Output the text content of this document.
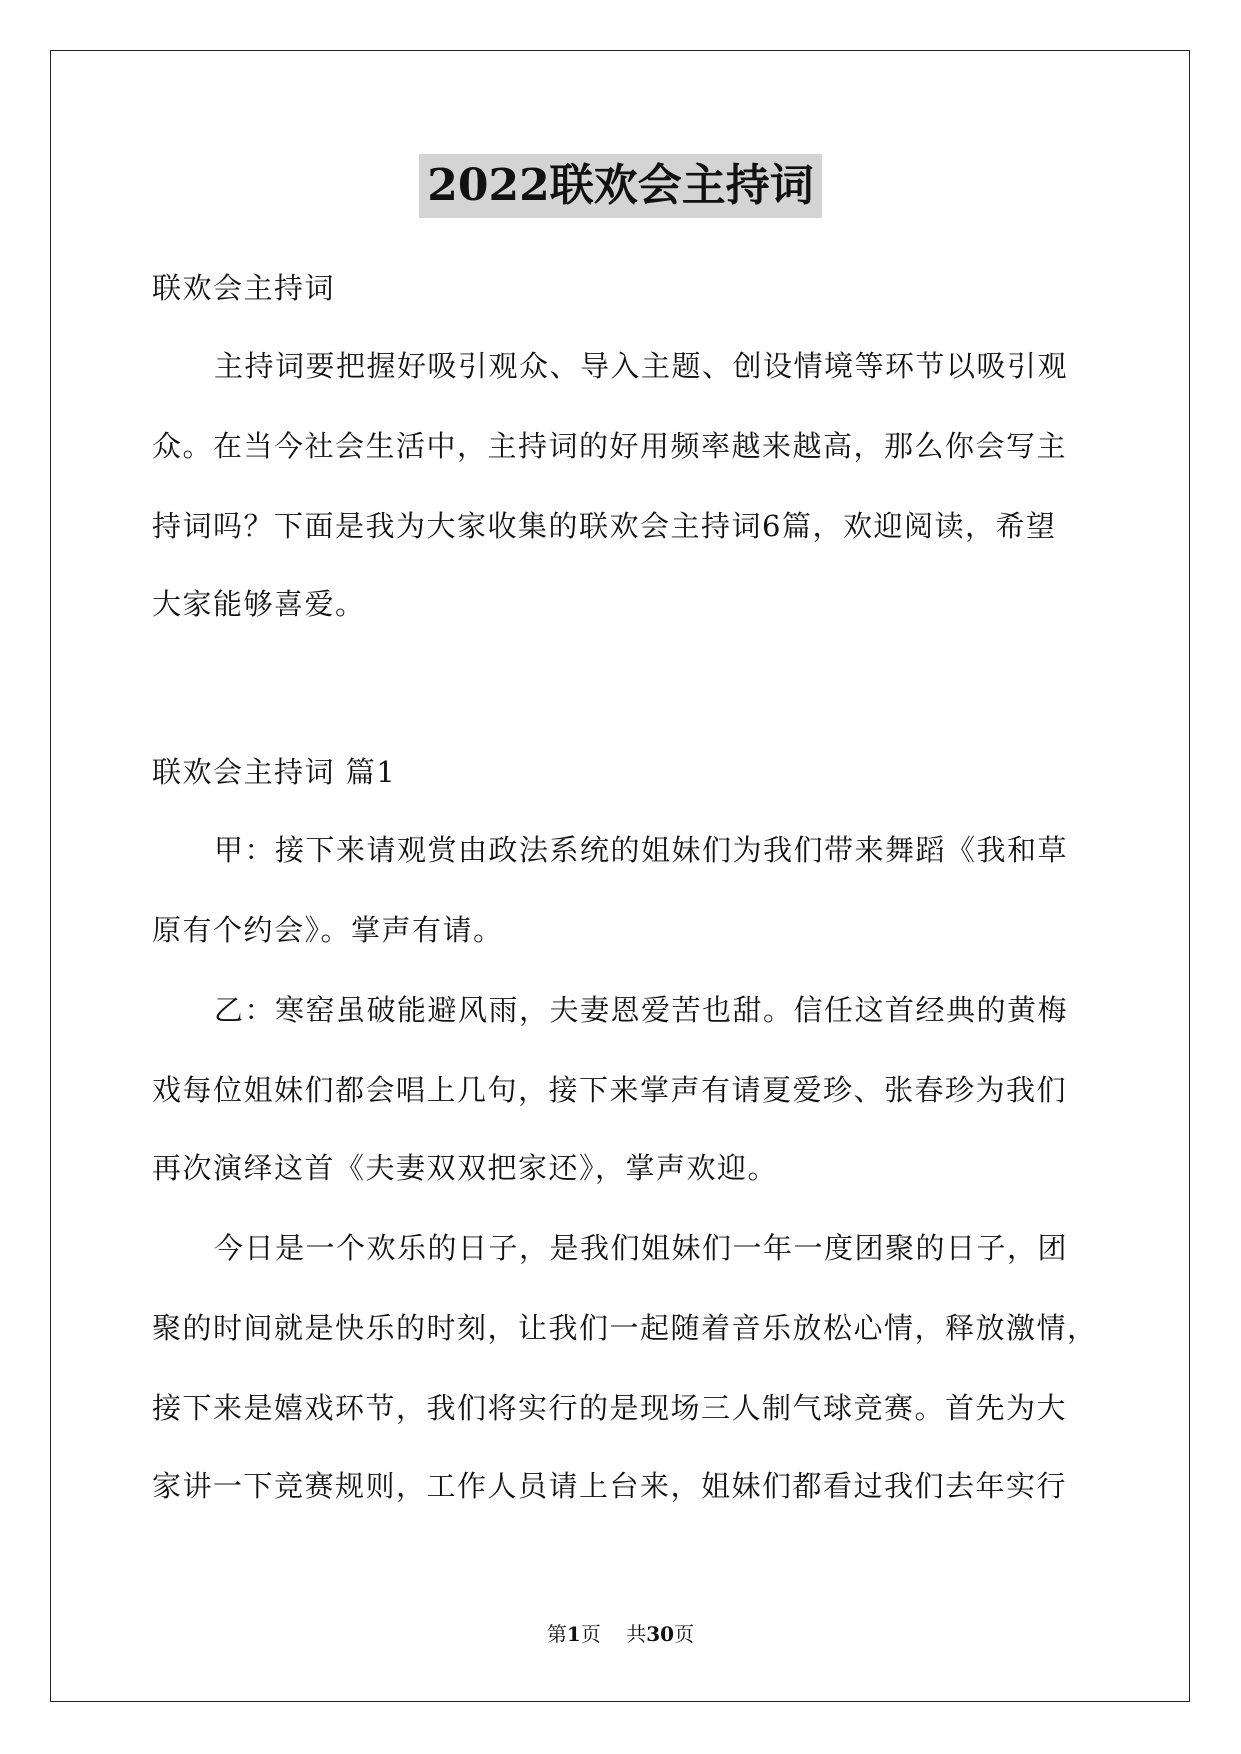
2022联欢会主持词
联欢会主持词
主持词要把握好吸引观众、导入主题、创设情境等环节以吸引观
众。在当今社会生活中，主持词的好用频率越来越高，那么你会写主
持词吗？下面是我为大家收集的联欢会主持词6篇，欢迎阅读，希望
大家能够喜爱。
联欢会主持词 篇1
甲：接下来请观赏由政法系统的姐妹们为我们带来舞蹈《我和草
原有个约会》。掌声有请。
乙：寒窑虽破能避风雨，夫妻恩爱苦也甜。信任这首经典的黄梅
戏每位姐妹们都会唱上几句，接下来掌声有请夏爱珍、张春珍为我们
再次演绎这首《夫妻双双把家还》，掌声欢迎。
今日是一个欢乐的日子，是我们姐妹们一年一度团聚的日子，团
聚的时间就是快乐的时刻，让我们一起随着音乐放松心情，释放激情，
接下来是嬉戏环节，我们将实行的是现场三人制气球竞赛。首先为大
家讲一下竞赛规则，工作人员请上台来，姐妹们都看过我们去年实行
第1页 共30页
